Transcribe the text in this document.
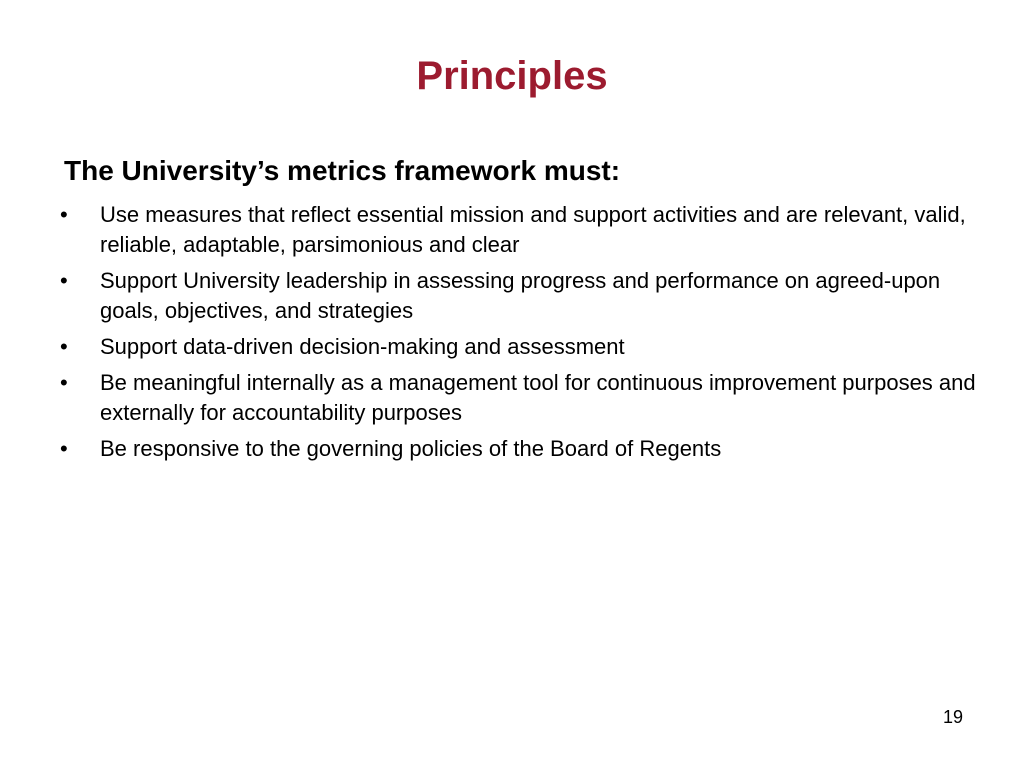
Principles
The University’s metrics framework must:
•	Use measures that reflect essential mission and support activities and are relevant, valid, reliable, adaptable, parsimonious and clear
•	Support University leadership in assessing progress and performance on agreed-upon goals, objectives, and strategies
•	Support data-driven decision-making and assessment
•	Be meaningful internally as a management tool for continuous improvement purposes and externally for accountability purposes
•	Be responsive to the governing policies of the Board of Regents
19
